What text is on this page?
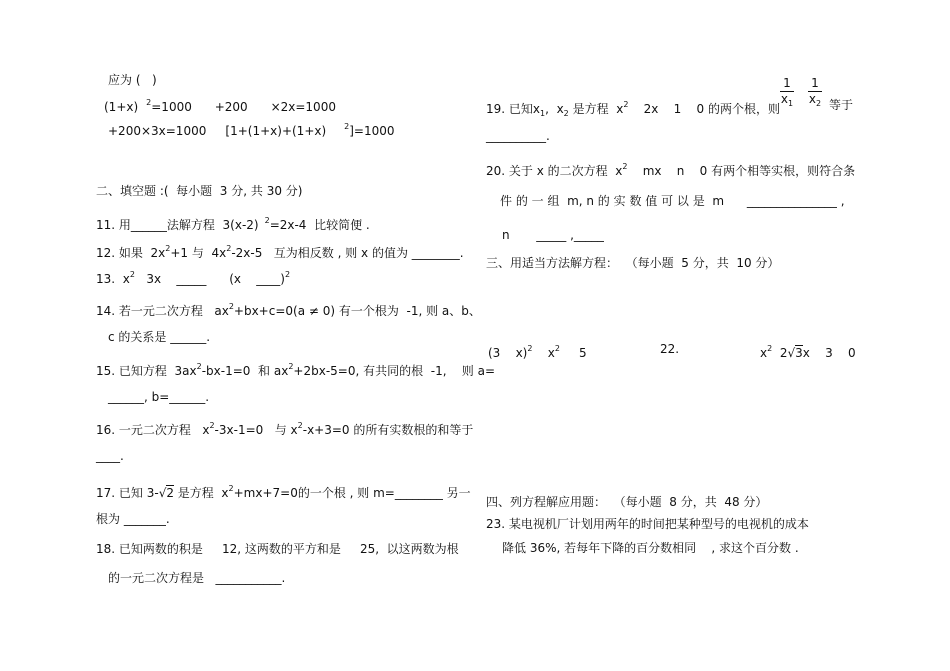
应为 (   )
(1+x) $^2$=1000      +200      ×2x=1000
+200×3x=1000     [1+(1+x)+(1+x) $^2$]=1000
二、填空题 :(  每小题  3 分, 共 30 分)
11. 用______法解方程  3(x-2) $^2$=2x-4  比较简便 .
12. 如果  $2x^2+1$ 与  $4x^2-2x-5$   互为相反数 , 则 x 的值为 ________.
13.  $x^2$   3x    _____      (x    ____)$^2$
14. 若一元二次方程   $ax^2+bx+c=0(a \ne 0)$ 有一个根为  -1, 则 a、b、
c 的关系是 ______.
15. 已知方程  $3ax^2-bx-1=0$  和 $ax^2+2bx-5=0$, 有共同的根  -1,    则 a=
______, b=______.
16. 一元二次方程   $x^2-3x-1=0$   与 $x^2-x+3=0$ 的所有实数根的和等于
____.
17. 已知 3-√2 是方程  $x^2+mx+7=0$的一个根 , 则 m=________ 另一
根为 _______.
18. 已知两数的积是     12, 这两数的平方和是     25,  以这两数为根
的一元二次方程是   ___________.
1
$x_1$
1
$x_2$
19. 已知$x_1$,  $x_2$ 是方程  $x^2$    2x    1    0 的两个根，则	等于
__________.
20. 关于 x 的二次方程  $x^2$    mx    n    0 有两个相等实根，则符合条
件 的 一 组  m, n 的 实 数 值 可 以 是  m      _______________ ,
n       _____ ,_____
三、用适当方法解方程：  （每小题  5 分，共  10 分）
(3    x)$^2$    $x^2$     5	22.	$x^2$  2√3x    3    0
四、列方程解应用题：  （每小题  8 分，共  48 分）
23. 某电视机厂计划用两年的时间把某种型号的电视机的成本
降低 36%, 若每年下降的百分数相同    , 求这个百分数 .
